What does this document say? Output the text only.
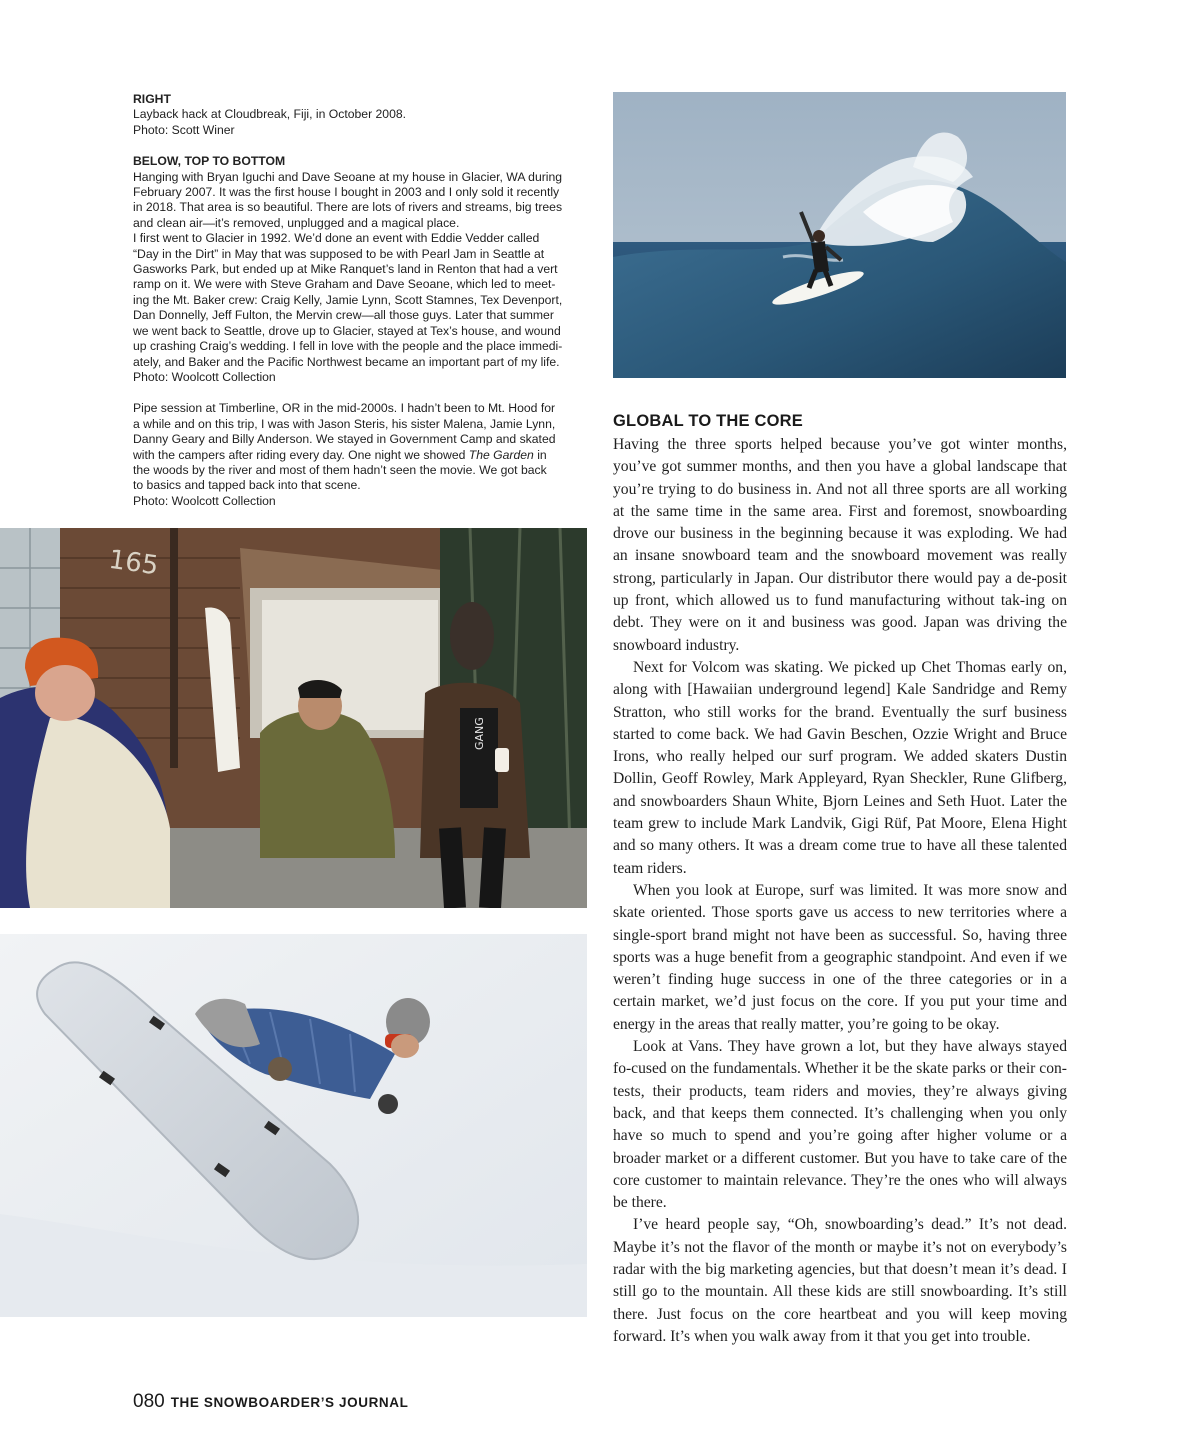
RIGHT

Layback hack at Cloudbreak, Fiji, in October 2008.

Photo: Scott Winer

BELOW, TOP TO BOTTOM

Hanging with Bryan Iguchi and Dave Seoane at my house in Glacier, WA during
February 2007. It was the first house I bought in 2003 and I only sold it recently
in 2018. That area is so beautiful. There are lots of rivers and streams, big trees
and clean air—it’s removed, unplugged and a magical place.
I first went to Glacier in 1992. We’d done an event with Eddie Vedder called
“Day in the Dirt” in May that was supposed to be with Pearl Jam in Seattle at
Gasworks Park, but ended up at Mike Ranquet’s land in Renton that had a vert
ramp on it. We were with Steve Graham and Dave Seoane, which led to meet-
ing the Mt. Baker crew: Craig Kelly, Jamie Lynn, Scott Stamnes, Tex Devenport,
Dan Donnelly, Jeff Fulton, the Mervin crew—all those guys. Later that summer
we went back to Seattle, drove up to Glacier, stayed at Tex’s house, and wound
up crashing Craig’s wedding. I fell in love with the people and the place immedi-
ately, and Baker and the Pacific Northwest became an important part of my life.

Photo: Woolcott Collection

Pipe session at Timberline, OR in the mid-2000s. I hadn’t been to Mt. Hood for
a while and on this trip, I was with Jason Steris, his sister Malena, Jamie Lynn,
Danny Geary and Billy Anderson. We stayed in Government Camp and skated
with the campers after riding every day. One night we showed The Garden in
the woods by the river and most of them hadn’t seen the movie. We got back
to basics and tapped back into that scene.

Photo: Woolcott Collection

165
GANG
GLOBAL TO THE CORE

Having the three sports helped because you’ve got winter months, you’ve got summer months, and then you have a global landscape that you’re trying to do business in. And not all three sports are all working at the same time in the same area. First and foremost, snowboarding drove our business in the beginning because it was exploding. We had an insane snowboard team and the snowboard movement was really strong, particularly in Japan. Our distributor there would pay a de-posit up front, which allowed us to fund manufacturing without tak-ing on debt. They were on it and business was good. Japan was driving the snowboard industry.

Next for Volcom was skating. We picked up Chet Thomas early on, along with [Hawaiian underground legend] Kale Sandridge and Remy Stratton, who still works for the brand. Eventually the surf business started to come back. We had Gavin Beschen, Ozzie Wright and Bruce Irons, who really helped our surf program. We added skaters Dustin Dollin, Geoff Rowley, Mark Appleyard, Ryan Sheckler, Rune Glifberg, and snowboarders Shaun White, Bjorn Leines and Seth Huot. Later the team grew to include Mark Landvik, Gigi Rüf, Pat Moore, Elena Hight and so many others. It was a dream come true to have all these talented team riders.

When you look at Europe, surf was limited. It was more snow and skate oriented. Those sports gave us access to new territories where a single-sport brand might not have been as successful. So, having three sports was a huge benefit from a geographic standpoint. And even if we weren’t finding huge success in one of the three categories or in a certain market, we’d just focus on the core. If you put your time and energy in the areas that really matter, you’re going to be okay.

Look at Vans. They have grown a lot, but they have always stayed fo-cused on the fundamentals. Whether it be the skate parks or their con-tests, their products, team riders and movies, they’re always giving back, and that keeps them connected. It’s challenging when you only have so much to spend and you’re going after higher volume or a broader market or a different customer. But you have to take care of the core customer to maintain relevance. They’re the ones who will always be there.

I’ve heard people say, “Oh, snowboarding’s dead.” It’s not dead. Maybe it’s not the flavor of the month or maybe it’s not on everybody’s radar with the big marketing agencies, but that doesn’t mean it’s dead. I still go to the mountain. All these kids are still snowboarding. It’s still there. Just focus on the core heartbeat and you will keep moving forward. It’s when you walk away from it that you get into trouble.

080 THE SNOWBOARDER’S JOURNAL
